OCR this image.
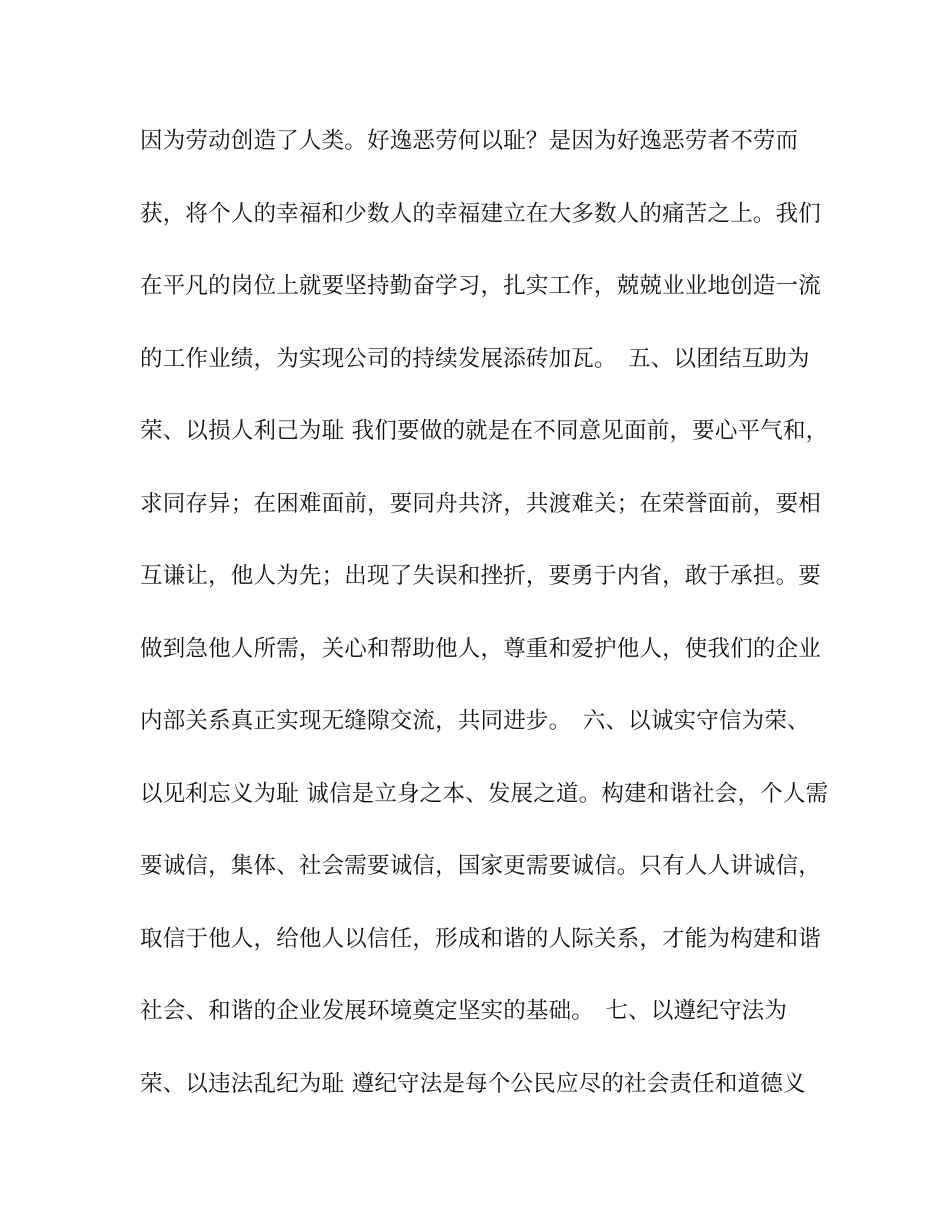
因为劳动创造了人类。好逸恶劳何以耻？是因为好逸恶劳者不劳而
获，将个人的幸福和少数人的幸福建立在大多数人的痛苦之上。我们
在平凡的岗位上就要坚持勤奋学习，扎实工作，兢兢业业地创造一流
的工作业绩，为实现公司的持续发展添砖加瓦。　五、以团结互助为
荣、以损人利己为耻 我们要做的就是在不同意见面前，要心平气和，
求同存异；在困难面前，要同舟共济，共渡难关；在荣誉面前，要相
互谦让，他人为先；出现了失误和挫折，要勇于内省，敢于承担。要
做到急他人所需，关心和帮助他人，尊重和爱护他人，使我们的企业
内部关系真正实现无缝隙交流，共同进步。　六、以诚实守信为荣、
以见利忘义为耻 诚信是立身之本、发展之道。构建和谐社会，个人需
要诚信，集体、社会需要诚信，国家更需要诚信。只有人人讲诚信，
取信于他人，给他人以信任，形成和谐的人际关系，才能为构建和谐
社会、和谐的企业发展环境奠定坚实的基础。　七、以遵纪守法为
荣、以违法乱纪为耻 遵纪守法是每个公民应尽的社会责任和道德义
